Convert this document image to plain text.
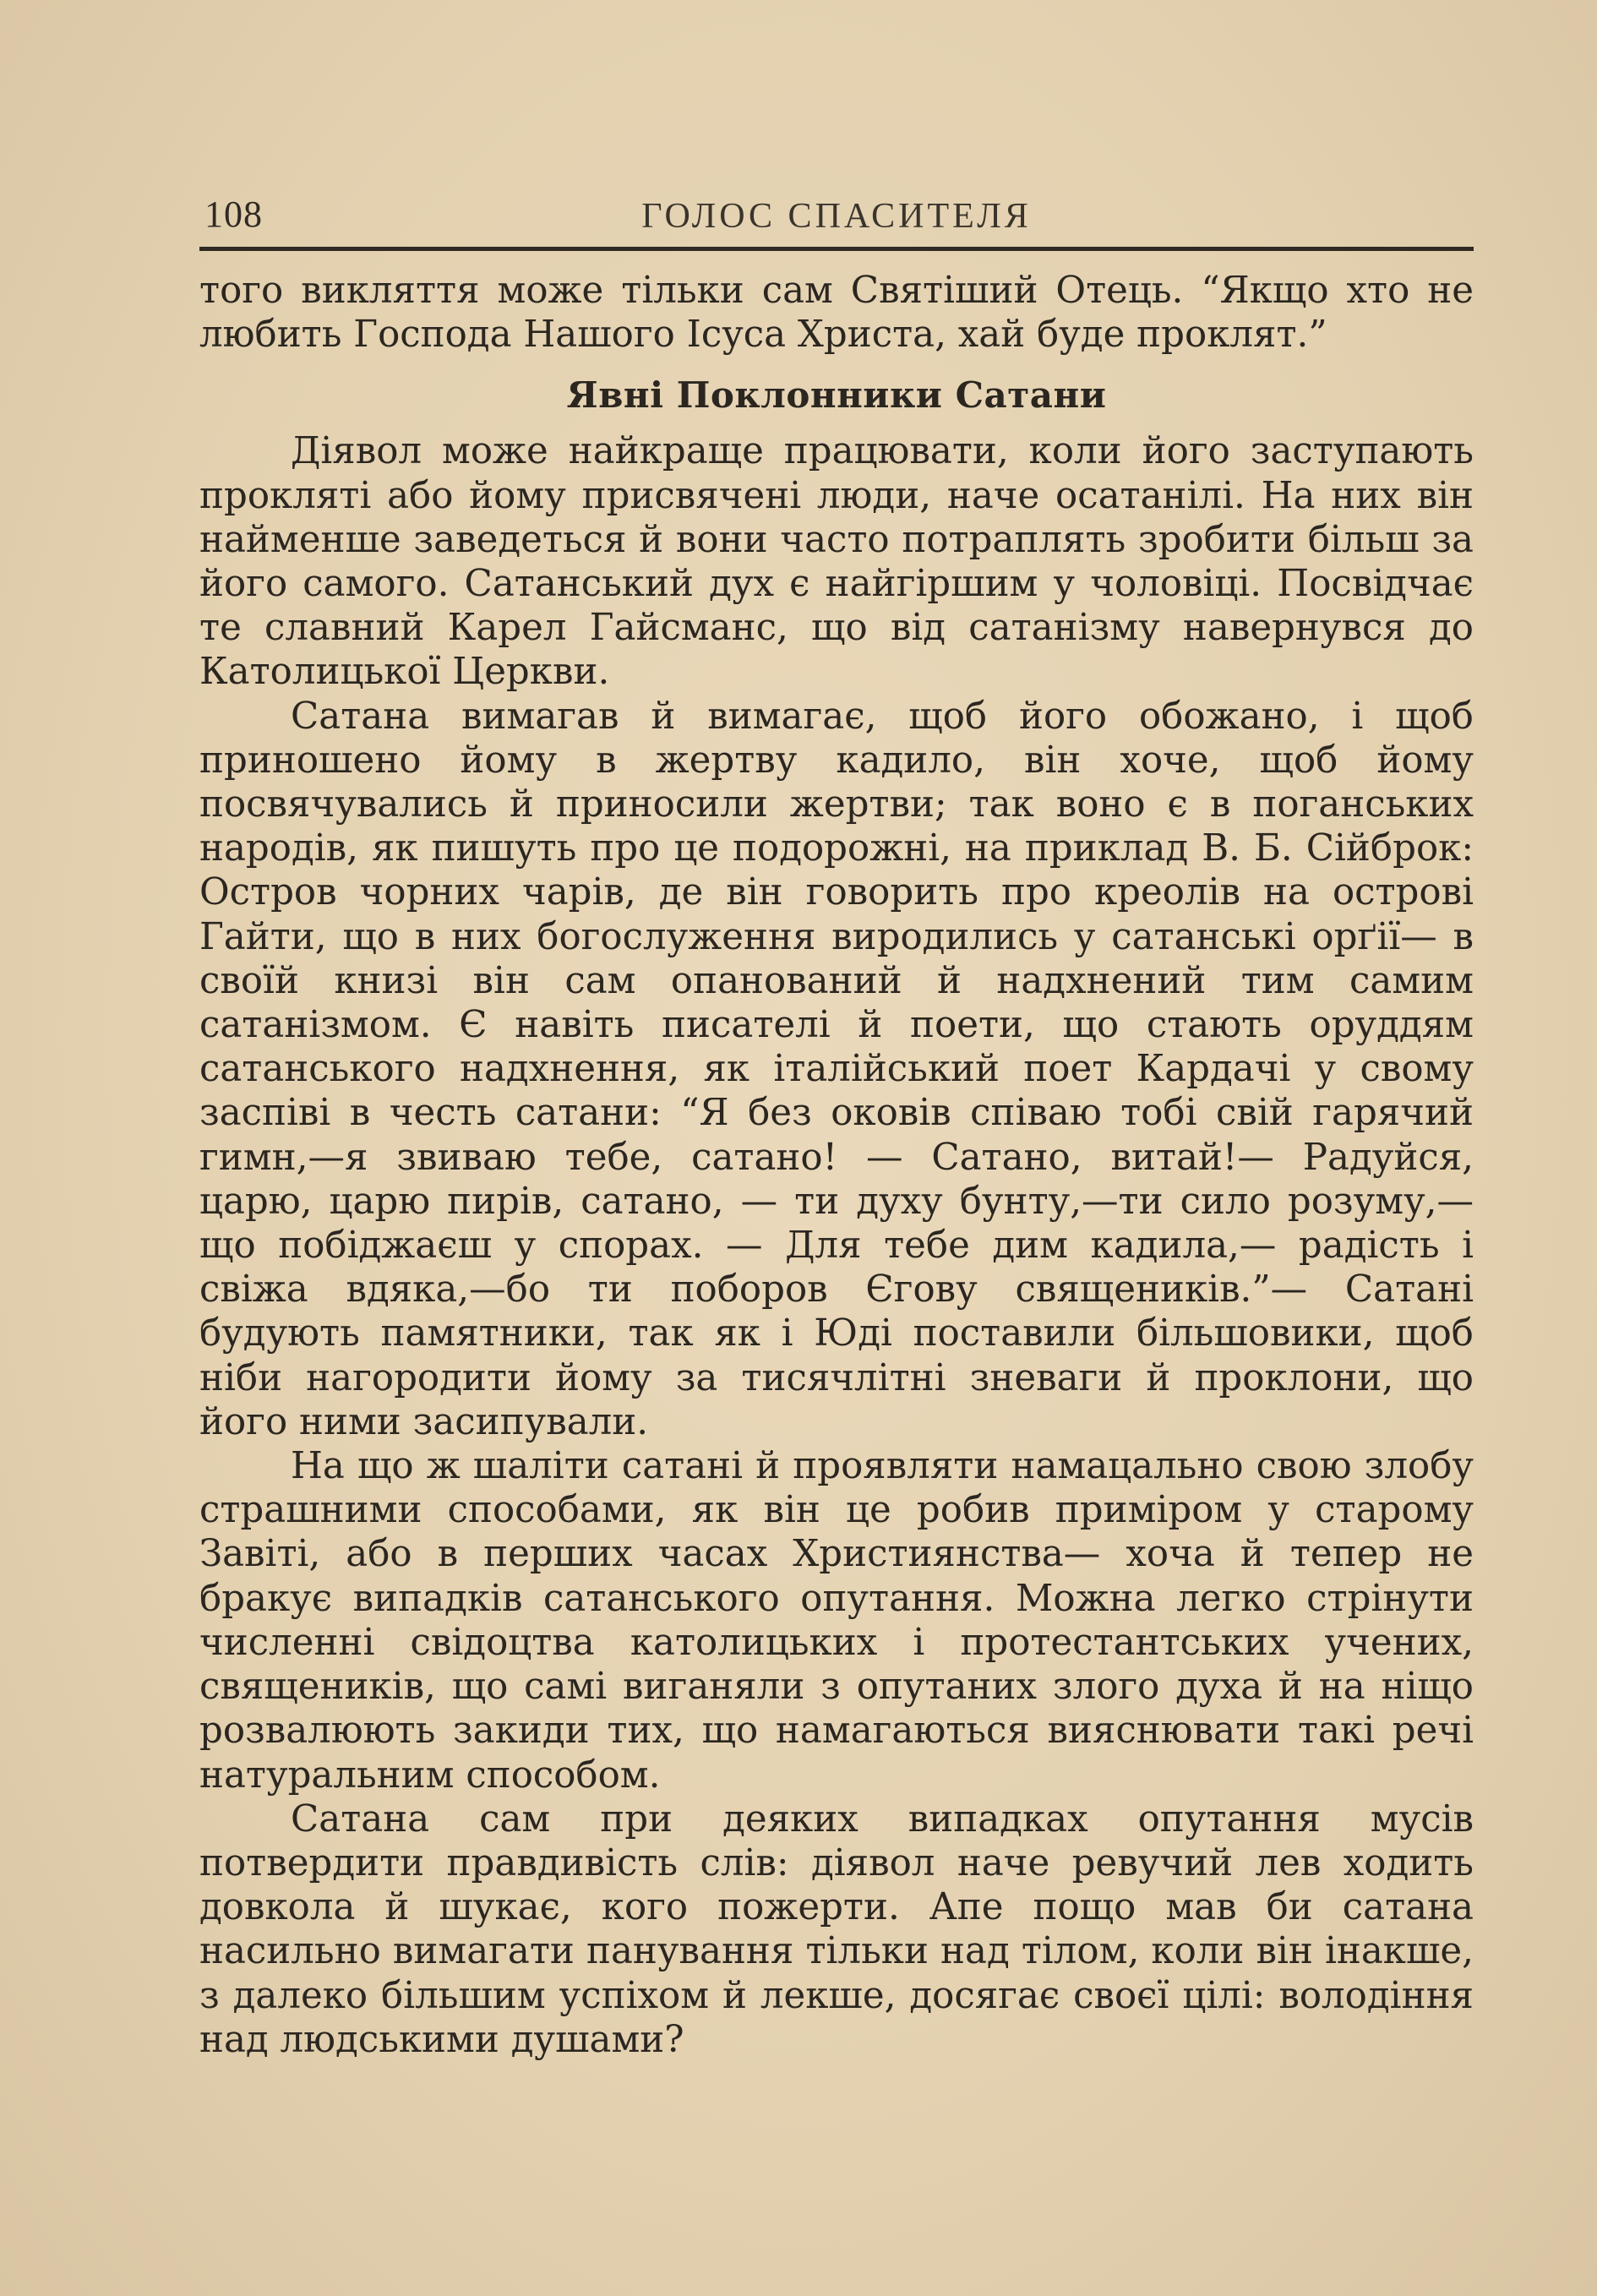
108	ГОЛОС СПАСИТЕЛЯ

того викляття може тільки сам Святіший Отець. “Якщо хто не любить Господа Нашого Ісуса Христа, хай буде проклят.”

Явні Поклонники Сатани

Діявол може найкраще працювати, коли його заступають прокляті або йому присвячені люди, наче осатанілі. На них він найменше заведеться й вони часто потраплять зробити більш за його самого. Сатанський дух є найгіршим у чоловіці. Посвідчає те славний Карел Гайсманс, що від сатанізму навернувся до Католицької Церкви.

Сатана вимагав й вимагає, щоб його обожано, і щоб приношено йому в жертву кадило, він хоче, щоб йому посвячувались й приносили жертви; так воно є в поганських народів, як пишуть про це подорожні, на приклад В. Б. Сійброк: Остров чорних чарів, де він говорить про креолів на острові Гайти, що в них богослуження виродились у сатанські орґії— в своїй книзі він сам опанований й надхнений тим самим сатанізмом. Є навіть писателі й поети, що стають оруддям сатанського надхнення, як італійський поет Кардачі у свому заспіві в честь сатани: “Я без оковів співаю тобі свій гарячий гимн,—я звиваю тебе, сатано! — Сатано, витай!— Радуйся, царю, царю пирів, сатано, — ти духу бунту,—ти сило розуму,— що побіджаєш у спорах. — Для тебе дим кадила,— радість і свіжа вдяка,—бо ти поборов Єгову священиків.”— Сатані будують памятники, так як і Юді поставили більшовики, щоб ніби нагородити йому за тисячлітні зневаги й проклони, що його ними засипували.

На що ж шаліти сатані й проявляти намацально свою злобу страшними способами, як він це робив приміром у старому Завіті, або в перших часах Християнства— хоча й тепер не бракує випадків сатанського опутання. Можна легко стрінути численні свідоцтва католицьких і протестантських учених, священиків, що самі виганяли з опутаних злого духа й на ніщо розвалюють закиди тих, що намагаються вияснювати такі речі натуральним способом.

Сатана сам при деяких випадках опутання мусів потвердити правдивість слів: діявол наче ревучий лев ходить довкола й шукає, кого пожерти. Апе пощо мав би сатана насильно вимагати панування тільки над тілом, коли він інакше, з далеко більшим успіхом й лекше, досягає своєї цілі: володіння над людськими душами?
